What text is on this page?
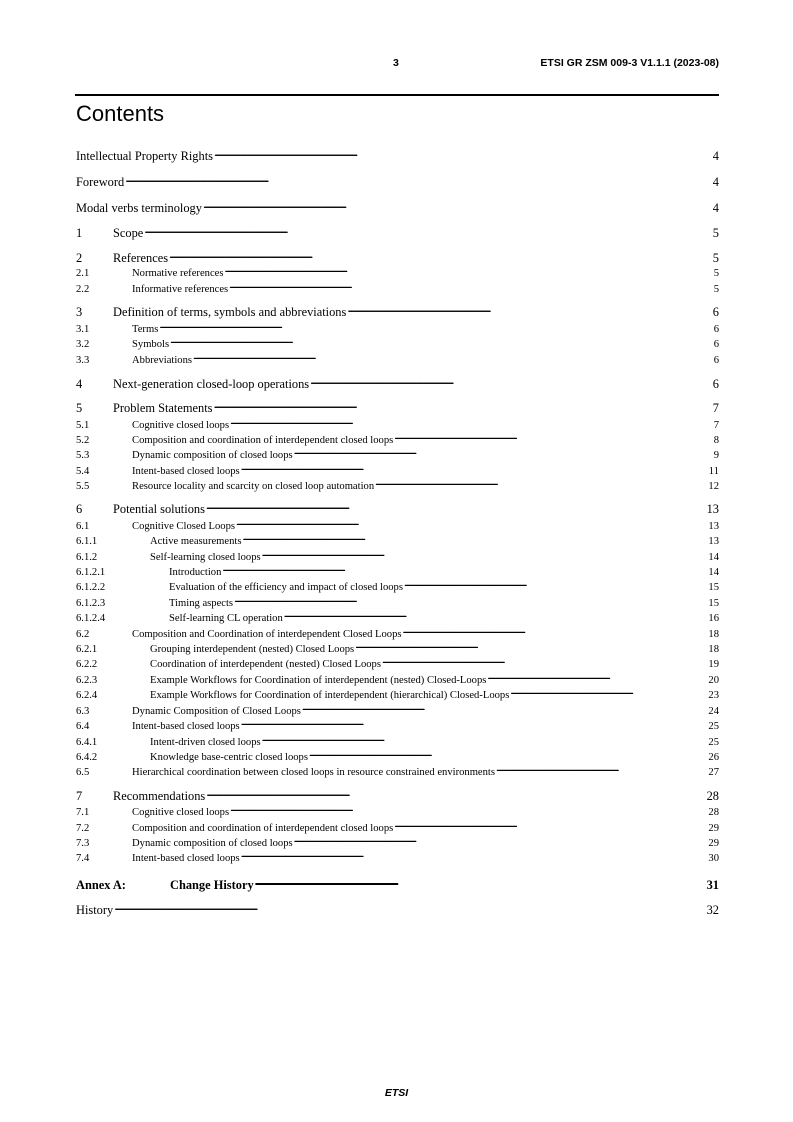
3	ETSI GR ZSM 009-3 V1.1.1 (2023-08)
Contents
Intellectual Property Rights . . .	4
Foreword . . .	4
Modal verbs terminology . . .	4
1	Scope . . .	5
2	References . . .	5
2.1	Normative references . . .	5
2.2	Informative references . . .	5
3	Definition of terms, symbols and abbreviations . . .	6
3.1	Terms . . .	6
3.2	Symbols . . .	6
3.3	Abbreviations . . .	6
4	Next-generation closed-loop operations . . .	6
5	Problem Statements . . .	7
5.1	Cognitive closed loops . . .	7
5.2	Composition and coordination of interdependent closed loops . . .	8
5.3	Dynamic composition of closed loops . . .	9
5.4	Intent-based closed loops . . .	11
5.5	Resource locality and scarcity on closed loop automation . . .	12
6	Potential solutions . . .	13
6.1	Cognitive Closed Loops . . .	13
6.1.1	Active measurements . . .	13
6.1.2	Self-learning closed loops . . .	14
6.1.2.1	Introduction . . .	14
6.1.2.2	Evaluation of the efficiency and impact of closed loops . . .	15
6.1.2.3	Timing aspects . . .	15
6.1.2.4	Self-learning CL operation . . .	16
6.2	Composition and Coordination of interdependent Closed Loops . . .	18
6.2.1	Grouping interdependent (nested) Closed Loops . . .	18
6.2.2	Coordination of interdependent (nested) Closed Loops . . .	19
6.2.3	Example Workflows for Coordination of interdependent (nested) Closed-Loops . . .	20
6.2.4	Example Workflows for Coordination of interdependent (hierarchical) Closed-Loops . . .	23
6.3	Dynamic Composition of Closed Loops . . .	24
6.4	Intent-based closed loops . . .	25
6.4.1	Intent-driven closed loops . . .	25
6.4.2	Knowledge base-centric closed loops . . .	26
6.5	Hierarchical coordination between closed loops in resource constrained environments . . .	27
7	Recommendations . . .	28
7.1	Cognitive closed loops . . .	28
7.2	Composition and coordination of interdependent closed loops . . .	29
7.3	Dynamic composition of closed loops . . .	29
7.4	Intent-based closed loops . . .	30
Annex A:	Change History . . .	31
History . . .	32
ETSI
